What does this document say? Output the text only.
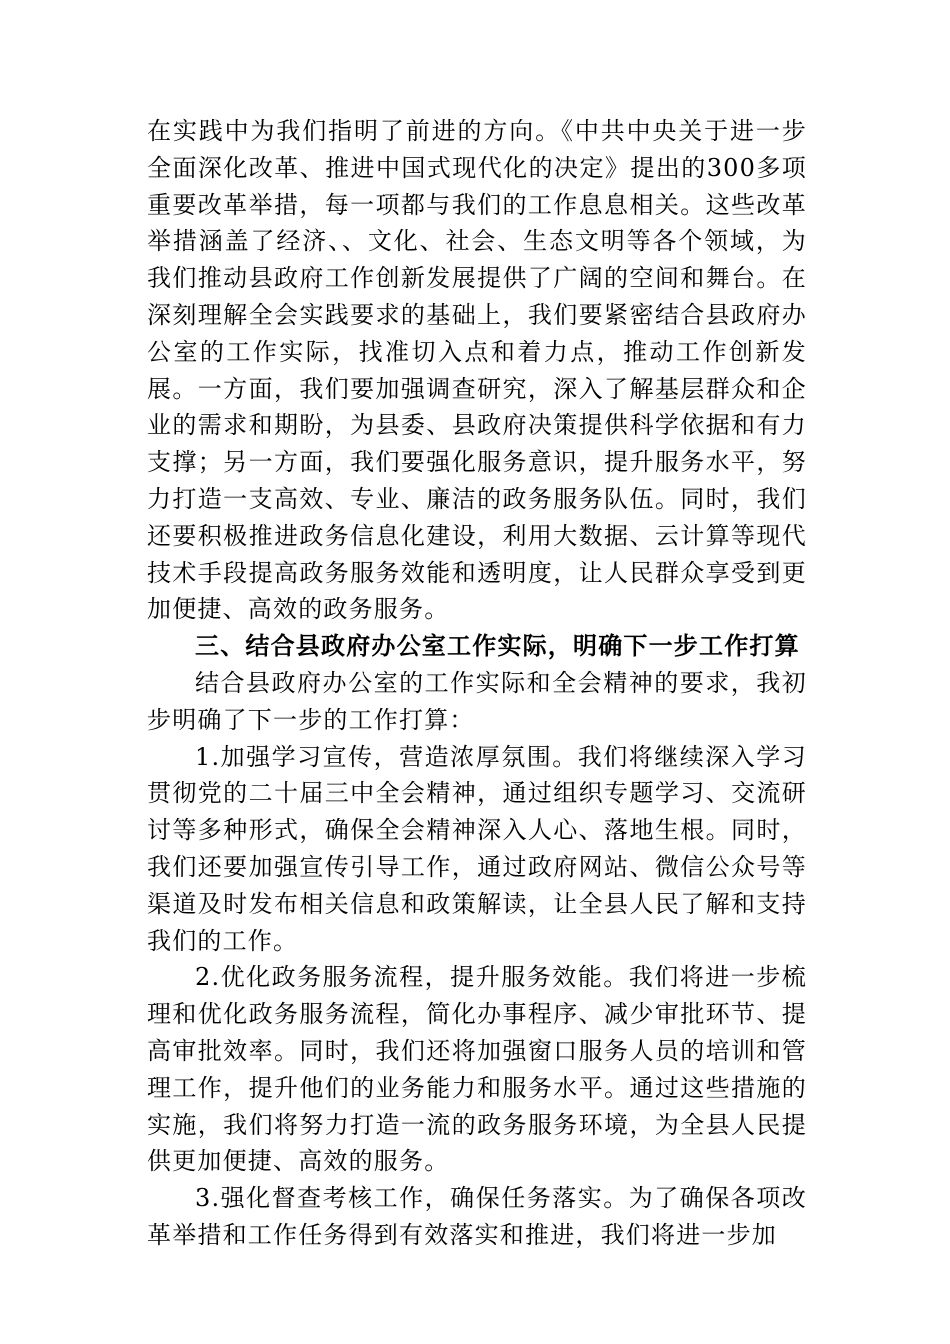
在实践中为我们指明了前进的方向。《中共中央关于进一步全面深化改革、推进中国式现代化的决定》提出的300多项重要改革举措，每一项都与我们的工作息息相关。这些改革举措涵盖了经济、、文化、社会、生态文明等各个领域，为我们推动县政府工作创新发展提供了广阔的空间和舞台。在深刻理解全会实践要求的基础上，我们要紧密结合县政府办公室的工作实际，找准切入点和着力点，推动工作创新发展。一方面，我们要加强调查研究，深入了解基层群众和企业的需求和期盼，为县委、县政府决策提供科学依据和有力支撑；另一方面，我们要强化服务意识，提升服务水平，努力打造一支高效、专业、廉洁的政务服务队伍。同时，我们还要积极推进政务信息化建设，利用大数据、云计算等现代技术手段提高政务服务效能和透明度，让人民群众享受到更加便捷、高效的政务服务。

三、结合县政府办公室工作实际，明确下一步工作打算

结合县政府办公室的工作实际和全会精神的要求，我初步明确了下一步的工作打算：

1.加强学习宣传，营造浓厚氛围。我们将继续深入学习贯彻党的二十届三中全会精神，通过组织专题学习、交流研讨等多种形式，确保全会精神深入人心、落地生根。同时，我们还要加强宣传引导工作，通过政府网站、微信公众号等渠道及时发布相关信息和政策解读，让全县人民了解和支持我们的工作。

2.优化政务服务流程，提升服务效能。我们将进一步梳理和优化政务服务流程，简化办事程序、减少审批环节、提高审批效率。同时，我们还将加强窗口服务人员的培训和管理工作，提升他们的业务能力和服务水平。通过这些措施的实施，我们将努力打造一流的政务服务环境，为全县人民提供更加便捷、高效的服务。

3.强化督查考核工作，确保任务落实。为了确保各项改革举措和工作任务得到有效落实和推进，我们将进一步加
